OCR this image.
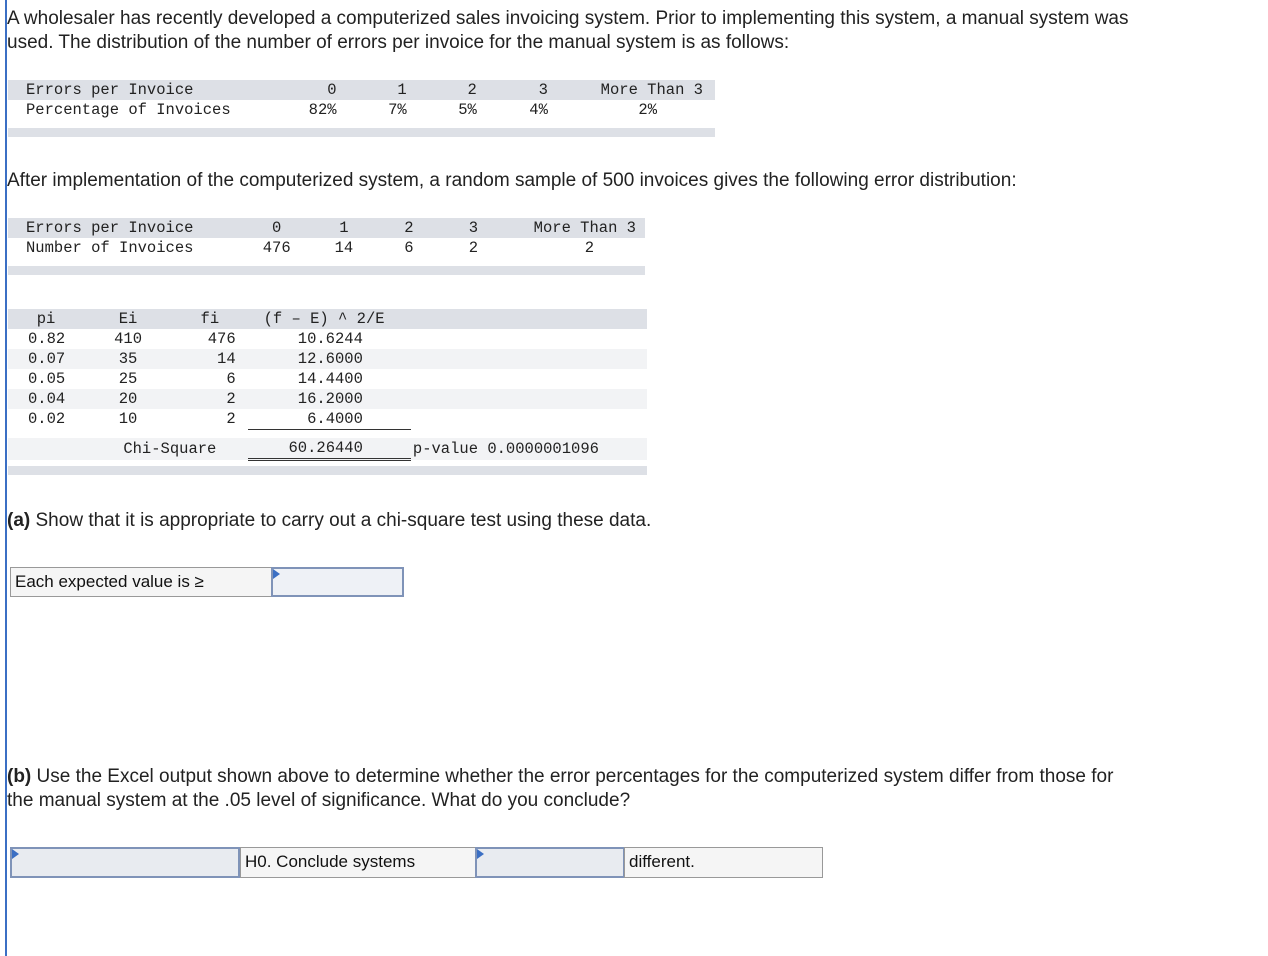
A wholesaler has recently developed a computerized sales invoicing system. Prior to implementing this system, a manual system was
used. The distribution of the number of errors per invoice for the manual system is as follows:
Errors per Invoice	0	1	2	3	More Than 3
Percentage of Invoices	82%	7%	5%	4%	2%
After implementation of the computerized system, a random sample of 500 invoices gives the following error distribution:
Errors per Invoice	0	1	2	3	More Than 3
Number of Invoices	476	14	6	2	2
pi	Ei	fi	(f – E) ^ 2/E	
0.82	410	476	10.6244	
0.07	35	14	12.6000	
0.05	25	6	14.4400	
0.04	20	2	16.2000	
0.02	10	2	6.4000	

	Chi-Square		60.26440	p-value 0.0000001096
(a) Show that it is appropriate to carry out a chi-square test using these data.
Each expected value is ≥
(b) Use the Excel output shown above to determine whether the error percentages for the computerized system differ from those for
the manual system at the .05 level of significance. What do you conclude?
H0. Conclude systems	different.
